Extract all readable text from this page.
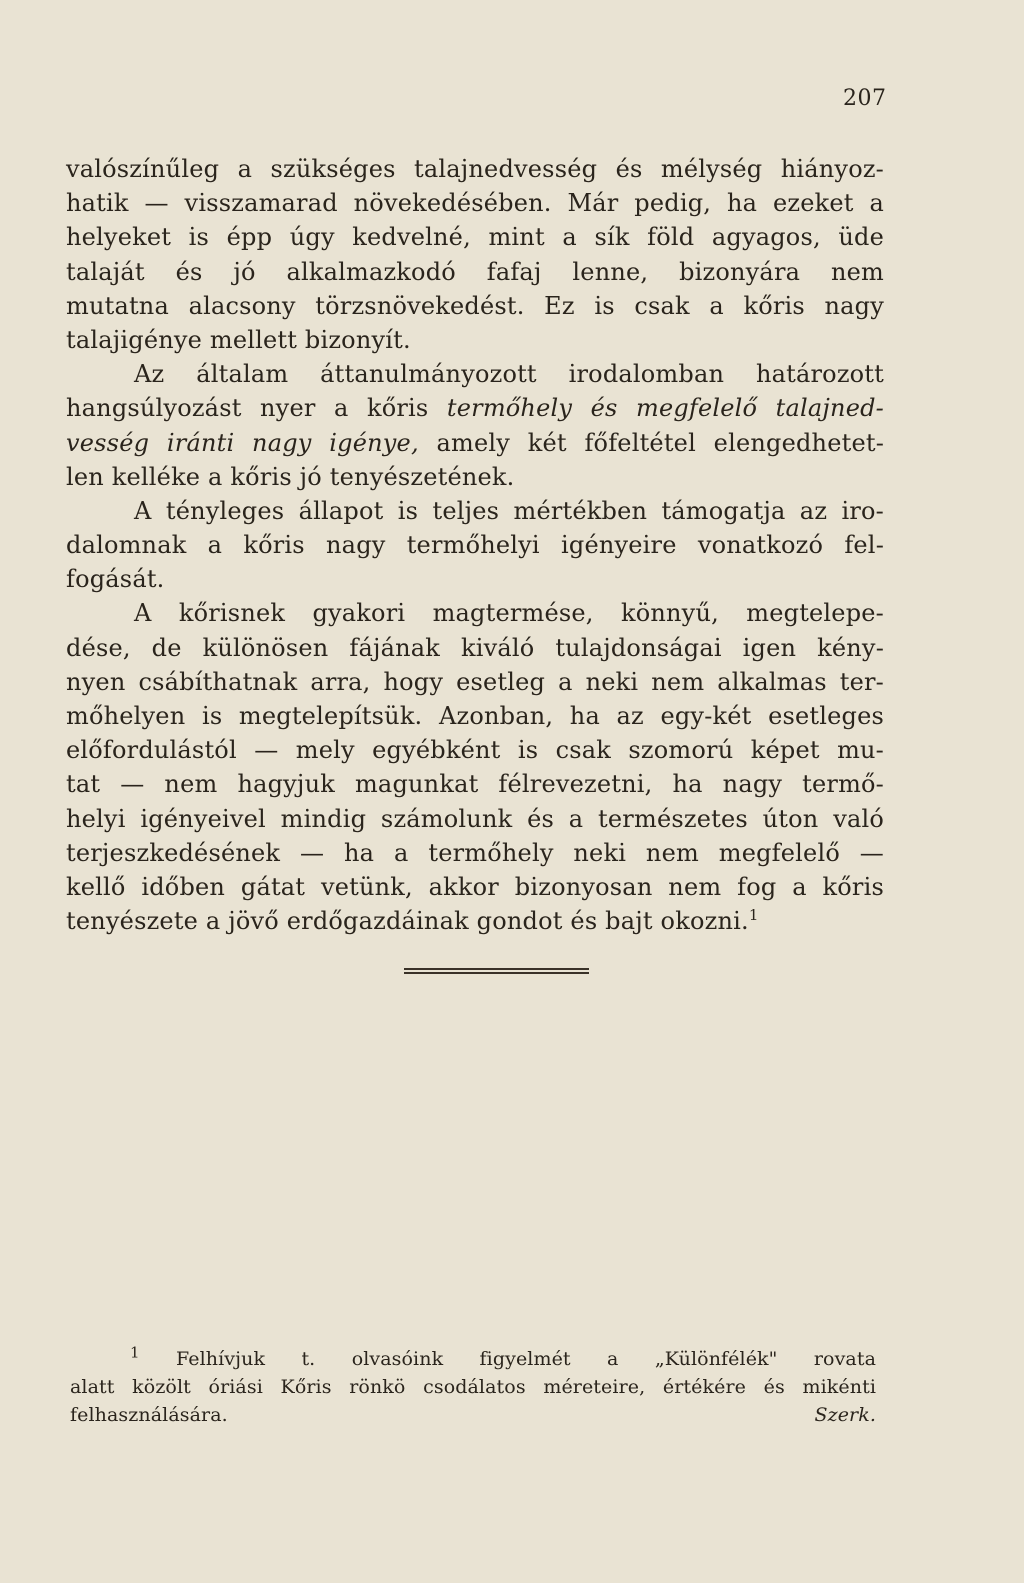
207
valószínűleg a szükséges talajnedvesség és mélység hiányoz-
hatik — visszamarad növekedésében. Már pedig, ha ezeket a
helyeket is épp úgy kedvelné, mint a sík föld agyagos, üde
talaját és jó alkalmazkodó fafaj lenne, bizonyára nem
mutatna alacsony törzsnövekedést. Ez is csak a kőris nagy
talajigénye mellett bizonyít.
Az általam áttanulmányozott irodalomban határozott
hangsúlyozást nyer a kőris termőhely és megfelelő talajned-
vesség iránti nagy igénye, amely két főfeltétel elengedhetet-
len kelléke a kőris jó tenyészetének.
A tényleges állapot is teljes mértékben támogatja az iro-
dalomnak a kőris nagy termőhelyi igényeire vonatkozó fel-
fogását.
A kőrisnek gyakori magtermése, könnyű, megtelepe-
dése, de különösen fájának kiváló tulajdonságai igen kény-
nyen csábíthatnak arra, hogy esetleg a neki nem alkalmas ter-
mőhelyen is megtelepítsük. Azonban, ha az egy-két esetleges
előfordulástól — mely egyébként is csak szomorú képet mu-
tat — nem hagyjuk magunkat félrevezetni, ha nagy termő-
helyi igényeivel mindig számolunk és a természetes úton való
terjeszkedésének — ha a termőhely neki nem megfelelő —
kellő időben gátat vetünk, akkor bizonyosan nem fog a kőris
tenyészete a jövő erdőgazdáinak gondot és bajt okozni.$^1$
$^1$ Felhívjuk t. olvasóink figyelmét a „Különfélék" rovata
alatt közölt óriási Kőris rönkö csodálatos méreteire, értékére és mikénti
felhasználására.	Szerk.
